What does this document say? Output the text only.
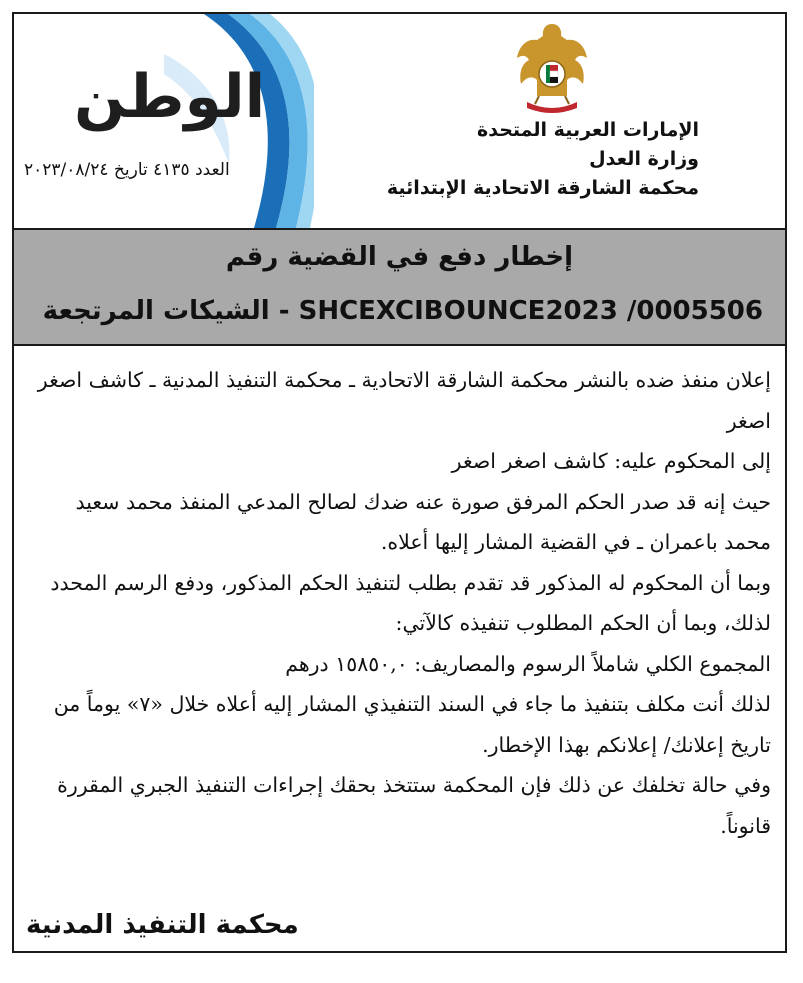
الوطن
العدد ٤١٣٥ تاريخ ٢٠٢٣/٠٨/٢٤
الإمارات العربية المتحدة
وزارة العدل
محكمة الشارقة الاتحادية الإبتدائية
إخطار دفع في القضية رقم
SHCEXCIBOUNCE2023 /0005506 - الشيكات المرتجعة

إعلان منفذ ضده بالنشر محكمة الشارقة الاتحادية ـ محكمة التنفيذ المدنية ـ كاشف اصغر اصغر

إلى المحكوم عليه: كاشف اصغر اصغر

حيث إنه قد صدر الحكم المرفق صورة عنه ضدك لصالح المدعي المنفذ محمد سعيد محمد باعمران ـ في القضية المشار إليها أعلاه.

وبما أن المحكوم له المذكور قد تقدم بطلب لتنفيذ الحكم المذكور، ودفع الرسم المحدد لذلك، وبما أن الحكم المطلوب تنفيذه كالآتي:

المجموع الكلي شاملاً الرسوم والمصاريف: ١٥٨٥٠,٠ درهم

لذلك أنت مكلف بتنفيذ ما جاء في السند التنفيذي المشار إليه أعلاه خلال «٧» يوماً من تاريخ إعلانك/ إعلانكم بهذا الإخطار.

وفي حالة تخلفك عن ذلك فإن المحكمة ستتخذ بحقك إجراءات التنفيذ الجبري المقررة قانوناً.

محكمة التنفيذ المدنية
